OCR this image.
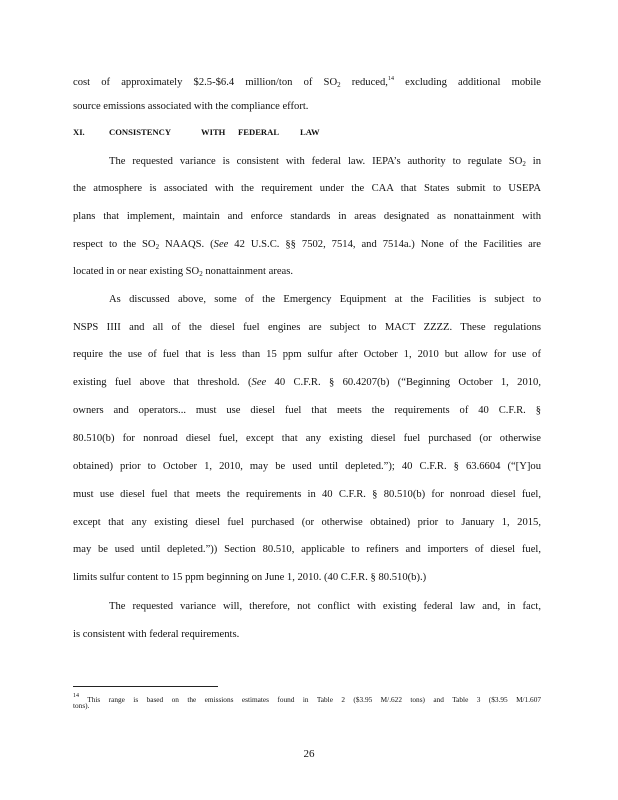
cost of approximately $2.5-$6.4 million/ton of $SO_2$ reduced,$^{14}$ excluding additional mobile
source emissions associated with the compliance effort.
XI.	CONSISTENCY	WITH FEDERAL LAW
The requested variance is consistent with federal law. IEPA’s authority to regulate $SO_2$ in
the atmosphere is associated with the requirement under the CAA that States submit to USEPA
plans that implement, maintain and enforce standards in areas designated as nonattainment with
respect to the $SO_2$ NAAQS. (See 42 U.S.C. §§ 7502, 7514, and 7514a.) None of the Facilities are
located in or near existing $SO_2$ nonattainment areas.
As discussed above, some of the Emergency Equipment at the Facilities is subject to
NSPS IIII and all of the diesel fuel engines are subject to MACT ZZZZ. These regulations
require the use of fuel that is less than 15 ppm sulfur after October 1, 2010 but allow for use of
existing fuel above that threshold. (See 40 C.F.R. § 60.4207(b) (“Beginning October 1, 2010,
owners and operators... must use diesel fuel that meets the requirements of 40 C.F.R. §
80.510(b) for nonroad diesel fuel, except that any existing diesel fuel purchased (or otherwise
obtained) prior to October 1, 2010, may be used until depleted.”); 40 C.F.R. § 63.6604 (“[Y]ou
must use diesel fuel that meets the requirements in 40 C.F.R. § 80.510(b) for nonroad diesel fuel,
except that any existing diesel fuel purchased (or otherwise obtained) prior to January 1, 2015,
may be used until depleted.”)) Section 80.510, applicable to refiners and importers of diesel fuel,
limits sulfur content to 15 ppm beginning on June 1, 2010. (40 C.F.R. § 80.510(b).)
The requested variance will, therefore, not conflict with existing federal law and, in fact,
is consistent with federal requirements.
$^{14}$ This range is based on the emissions estimates found in Table 2 ($3.95 M/.622 tons) and Table 3 ($3.95 M/1.607
tons).
26
